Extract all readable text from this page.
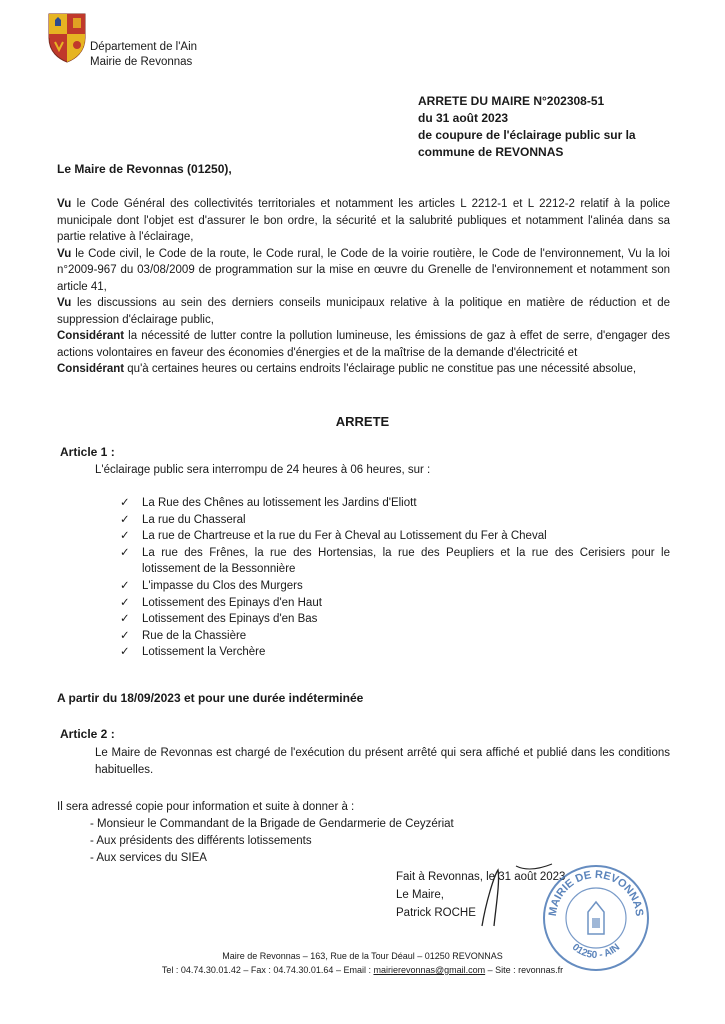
Département de l'Ain
Mairie de Revonnas
ARRETE DU MAIRE N°202308-51
du 31 août 2023
de coupure de l'éclairage public sur la
commune de REVONNAS
Le Maire de Revonnas (01250),

Vu le Code Général des collectivités territoriales et notamment les articles L 2212-1 et L 2212-2 relatif à la police municipale dont l'objet est d'assurer le bon ordre, la sécurité et la salubrité publiques et notamment l'alinéa dans sa partie relative à l'éclairage,

Vu le Code civil, le Code de la route, le Code rural, le Code de la voirie routière, le Code de l'environnement, Vu la loi n°2009-967 du 03/08/2009 de programmation sur la mise en œuvre du Grenelle de l'environnement et notamment son article 41,

Vu les discussions au sein des derniers conseils municipaux relative à la politique en matière de réduction et de suppression d'éclairage public,

Considérant la nécessité de lutter contre la pollution lumineuse, les émissions de gaz à effet de serre, d'engager des actions volontaires en faveur des économies d'énergies et de la maîtrise de la demande d'électricité et

Considérant qu'à certaines heures ou certains endroits l'éclairage public ne constitue pas une nécessité absolue,

ARRETE
Article 1 :
L'éclairage public sera interrompu de 24 heures à 06 heures, sur :
✓ La Rue des Chênes au lotissement les Jardins d'Eliott
✓ La rue du Chasseral
✓ La rue de Chartreuse et la rue du Fer à Cheval au Lotissement du Fer à Cheval
✓ La rue des Frênes, la rue des Hortensias, la rue des Peupliers et la rue des Cerisiers pour le lotissement de la Bessonnière
✓ L'impasse du Clos des Murgers
✓ Lotissement des Epinays d'en Haut
✓ Lotissement des Epinays d'en Bas
✓ Rue de la Chassière
✓ Lotissement la Verchère
A partir du 18/09/2023 et pour une durée indéterminée
Article 2 :
Le Maire de Revonnas est chargé de l'exécution du présent arrêté qui sera affiché et publié dans les conditions habituelles.
Il sera adressé copie pour information et suite à donner à :
- Monsieur le Commandant de la Brigade de Gendarmerie de Ceyzériat
- Aux présidents des différents lotissements
- Aux services du SIEA
Fait à Revonnas, le 31 août 2023
Le Maire,
Patrick ROCHE	MAIRIE DE REVONNAS
01250 - AIN
Maire de Revonnas – 163, Rue de la Tour Déaul – 01250 REVONNAS
Tel : 04.74.30.01.42 – Fax : 04.74.30.01.64 – Email : mairierevonnas@gmail.com – Site : revonnas.fr
